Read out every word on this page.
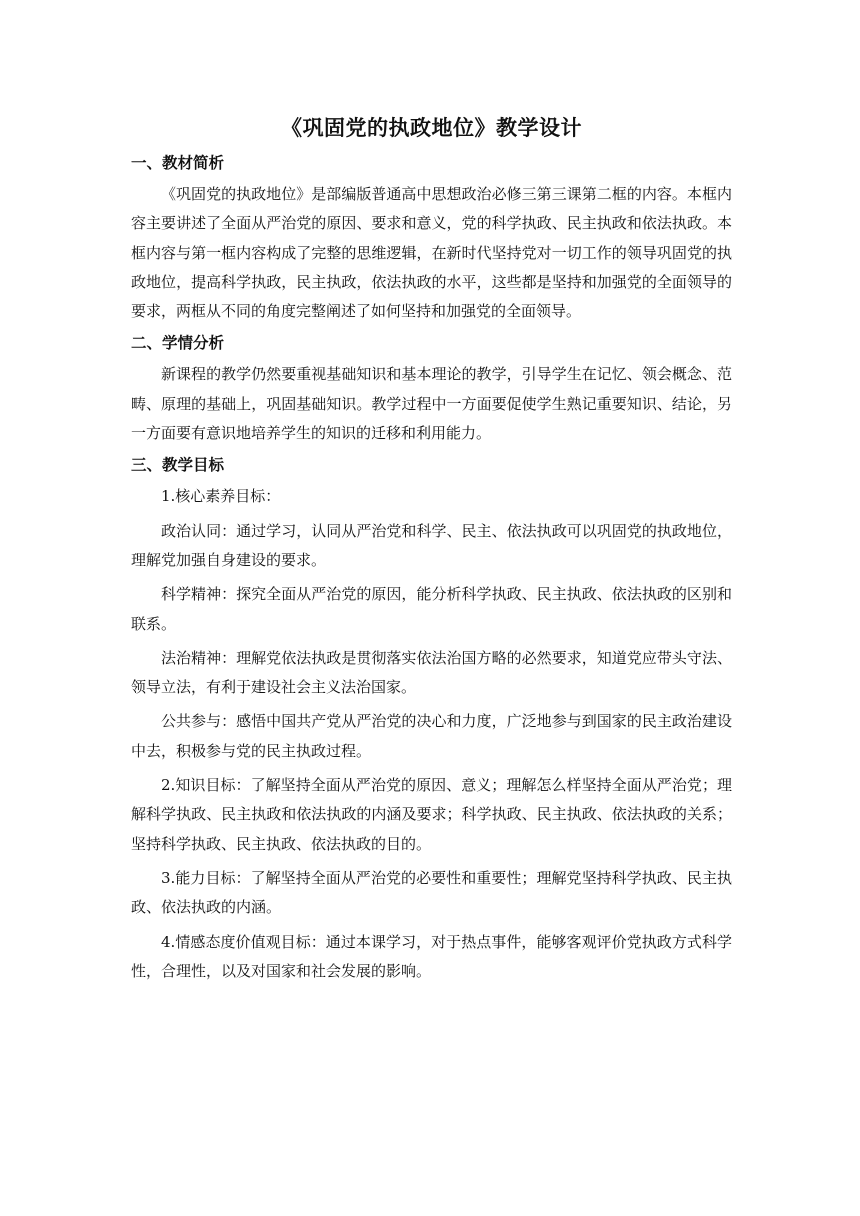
《巩固党的执政地位》教学设计
一、教材简析

《巩固党的执政地位》是部编版普通高中思想政治必修三第三课第二框的内容。本框内容主要讲述了全面从严治党的原因、要求和意义，党的科学执政、民主执政和依法执政。本框内容与第一框内容构成了完整的思维逻辑，在新时代坚持党对一切工作的领导巩固党的执政地位，提高科学执政，民主执政，依法执政的水平，这些都是坚持和加强党的全面领导的要求，两框从不同的角度完整阐述了如何坚持和加强党的全面领导。

二、学情分析

新课程的教学仍然要重视基础知识和基本理论的教学，引导学生在记忆、领会概念、范畴、原理的基础上，巩固基础知识。教学过程中一方面要促使学生熟记重要知识、结论，另一方面要有意识地培养学生的知识的迁移和利用能力。

三、教学目标

1.核心素养目标：

政治认同：通过学习，认同从严治党和科学、民主、依法执政可以巩固党的执政地位，理解党加强自身建设的要求。

科学精神：探究全面从严治党的原因，能分析科学执政、民主执政、依法执政的区别和联系。

法治精神：理解党依法执政是贯彻落实依法治国方略的必然要求，知道党应带头守法、领导立法，有利于建设社会主义法治国家。

公共参与：感悟中国共产党从严治党的决心和力度，广泛地参与到国家的民主政治建设中去，积极参与党的民主执政过程。

2.知识目标：了解坚持全面从严治党的原因、意义；理解怎么样坚持全面从严治党；理解科学执政、民主执政和依法执政的内涵及要求；科学执政、民主执政、依法执政的关系；坚持科学执政、民主执政、依法执政的目的。

3.能力目标：了解坚持全面从严治党的必要性和重要性；理解党坚持科学执政、民主执政、依法执政的内涵。

4.情感态度价值观目标：通过本课学习，对于热点事件，能够客观评价党执政方式科学性，合理性，以及对国家和社会发展的影响。
